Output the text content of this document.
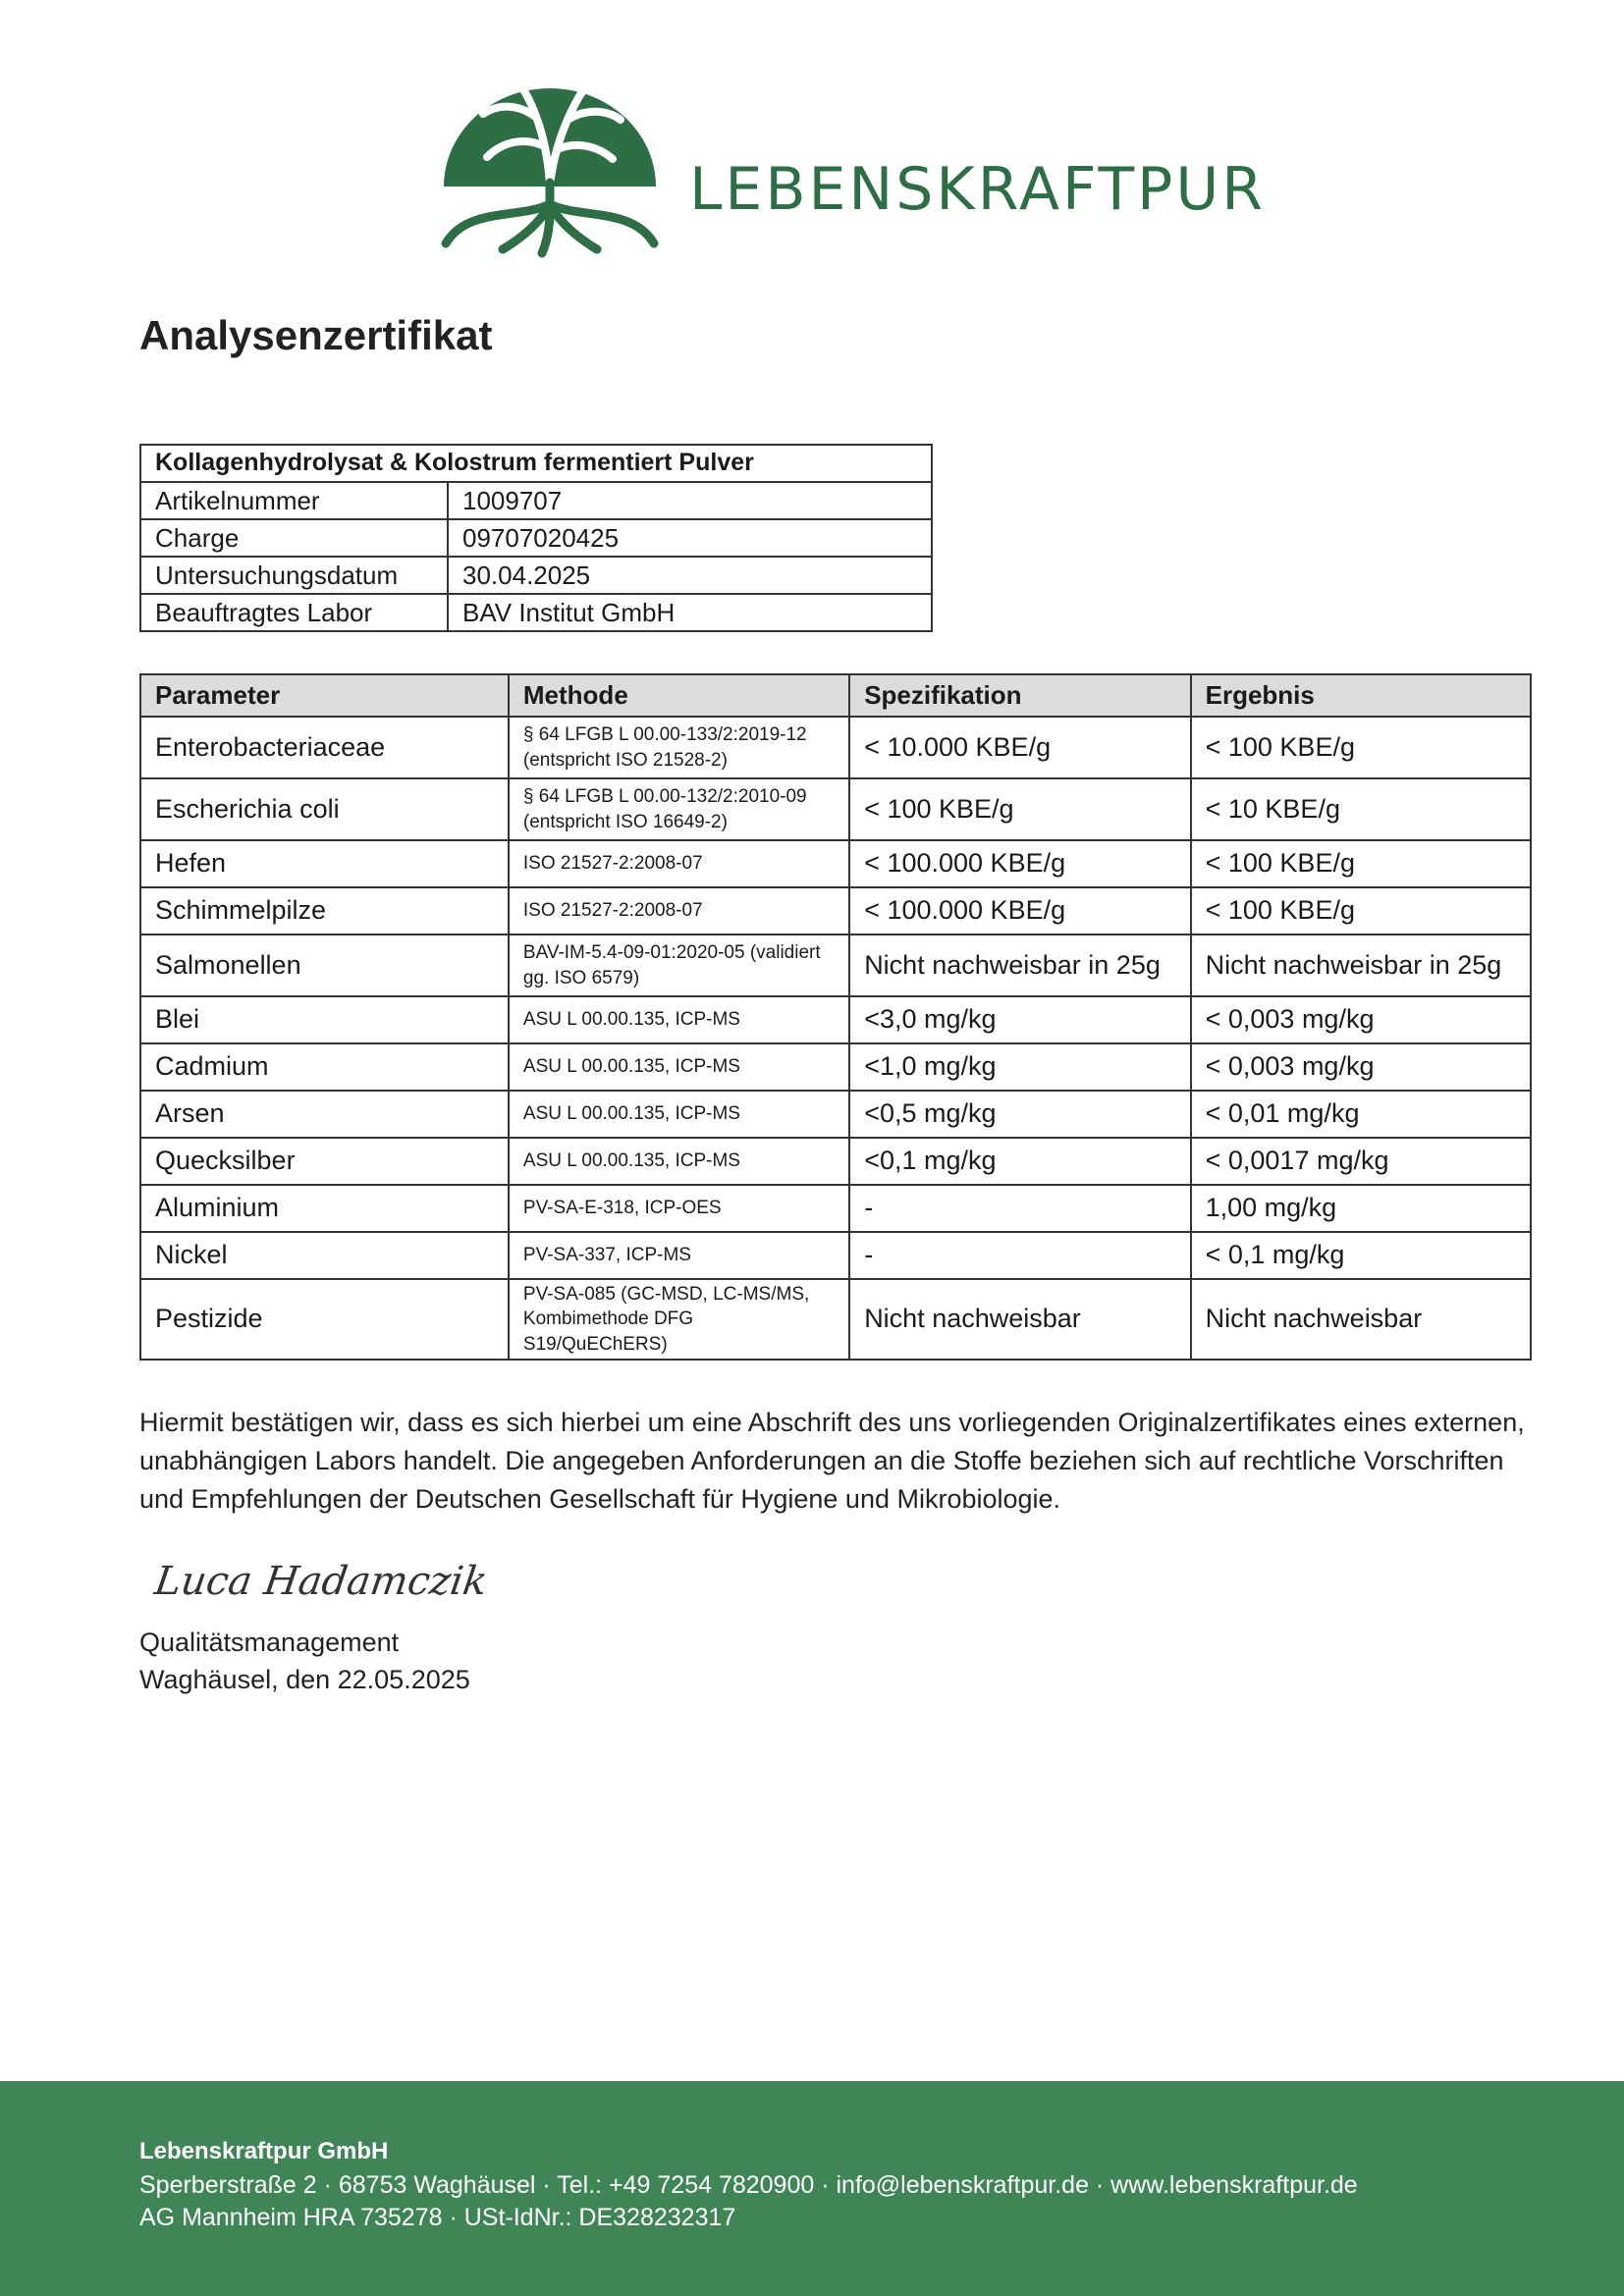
LEBENSKRAFTPUR
Analysenzertifikat
Kollagenhydrolysat & Kolostrum fermentiert Pulver	
Artikelnummer	1009707
Charge	09707020425
Untersuchungsdatum	30.04.2025
Beauftragtes Labor	BAV Institut GmbH
Parameter	Methode	Spezifikation	Ergebnis
Enterobacteriaceae	§ 64 LFGB L 00.00-133/2:2019-12 (entspricht ISO 21528-2)	< 10.000 KBE/g	< 100 KBE/g
Escherichia coli	§ 64 LFGB L 00.00-132/2:2010-09 (entspricht ISO 16649-2)	< 100 KBE/g	< 10 KBE/g
Hefen	ISO 21527-2:2008-07	< 100.000 KBE/g	< 100 KBE/g
Schimmelpilze	ISO 21527-2:2008-07	< 100.000 KBE/g	< 100 KBE/g
Salmonellen	BAV-IM-5.4-09-01:2020-05 (validiert gg. ISO 6579)	Nicht nachweisbar in 25g	Nicht nachweisbar in 25g
Blei	ASU L 00.00.135, ICP-MS	<3,0 mg/kg	< 0,003 mg/kg
Cadmium	ASU L 00.00.135, ICP-MS	<1,0 mg/kg	< 0,003 mg/kg
Arsen	ASU L 00.00.135, ICP-MS	<0,5 mg/kg	< 0,01 mg/kg
Quecksilber	ASU L 00.00.135, ICP-MS	<0,1 mg/kg	< 0,0017 mg/kg
Aluminium	PV-SA-E-318, ICP-OES	-	1,00 mg/kg
Nickel	PV-SA-337, ICP-MS	-	< 0,1 mg/kg
Pestizide	PV-SA-085 (GC-MSD, LC-MS/MS, Kombimethode DFG S19/QuEChERS)	Nicht nachweisbar	Nicht nachweisbar

Hiermit bestätigen wir, dass es sich hierbei um eine Abschrift des uns vorliegenden Originalzertifikates eines externen, unabhängigen Labors handelt. Die angegeben Anforderungen an die Stoffe beziehen sich auf rechtliche Vorschriften und Empfehlungen der Deutschen Gesellschaft für Hygiene und Mikrobiologie.

Luca Hadamczik
Qualitätsmanagement
Waghäusel, den 22.05.2025
Lebenskraftpur GmbH
Sperberstraße 2 · 68753 Waghäusel · Tel.: +49 7254 7820900 · info@lebenskraftpur.de · www.lebenskraftpur.de
AG Mannheim HRA 735278 · USt-IdNr.: DE328232317
